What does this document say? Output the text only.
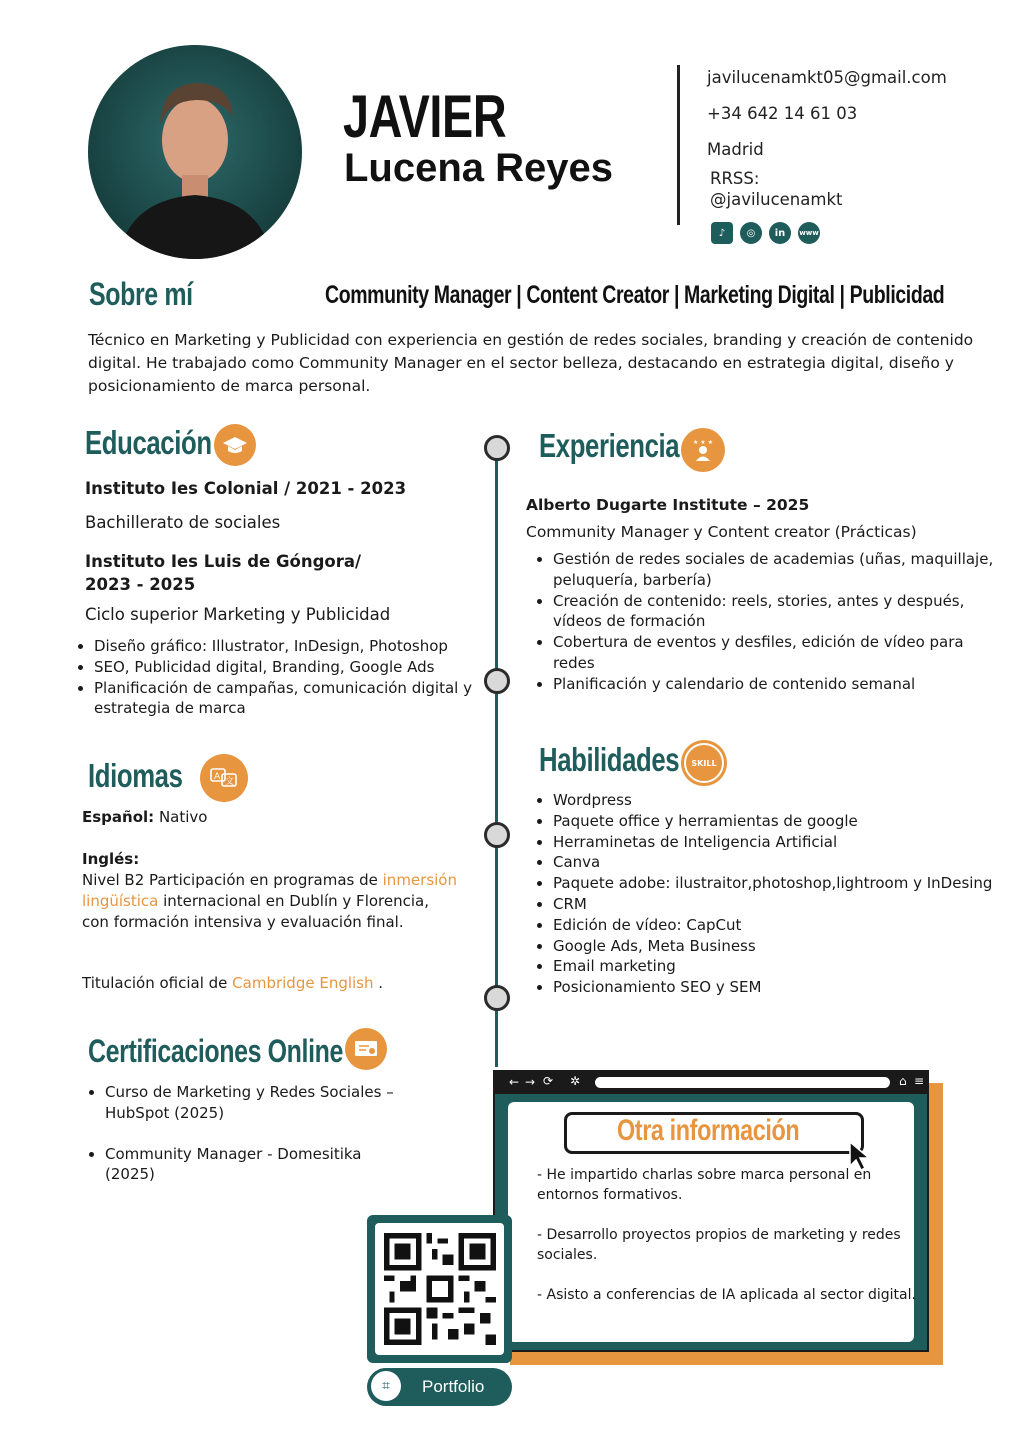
JAVIER
Lucena Reyes
javilucenamkt05@gmail.com
+34 642 14 61 03
Madrid
RRSS:
@javilucenamkt
♪	◎	in	www
Sobre mí	Community Manager | Content Creator | Marketing Digital | Publicidad
Técnico en Marketing y Publicidad con experiencia en gestión de redes sociales, branding y creación de contenido digital. He trabajado como Community Manager en el sector belleza, destacando en estrategia digital, diseño y posicionamiento de marca personal.
Educación
Instituto Ies Colonial / 2021 - 2023
Bachillerato de sociales
Instituto Ies Luis de Góngora/
2023 - 2025
Ciclo superior Marketing y Publicidad
• Diseño gráfico: Illustrator, InDesign, Photoshop
• SEO, Publicidad digital, Branding, Google Ads
• Planificación de campañas, comunicación digital y estrategia de marca
Experiencia ★ ★ ★
Alberto Dugarte Institute – 2025
Community Manager y Content creator (Prácticas)
• Gestión de redes sociales de academias (uñas, maquillaje, peluquería, barbería)
• Creación de contenido: reels, stories, antes y después, vídeos de formación
• Cobertura de eventos y desfiles, edición de vídeo para redes
• Planificación y calendario de contenido semanal
Idiomas	A 文
Español: Nativo
Inglés:
Nivel B2 Participación en programas de inmersión lingüística internacional en Dublín y Florencia, con formación intensiva y evaluación final.
Titulación oficial de Cambridge English .
Habilidades	SKILL
• Wordpress
• Paquete office y herramientas de google
• Herraminetas de Inteligencia Artificial
• Canva
• Paquete adobe: ilustraitor,photoshop,lightroom y InDesing
• CRM
• Edición de vídeo: CapCut
• Google Ads, Meta Business
• Email marketing
• Posicionamiento SEO y SEM
Certificaciones Online
• Curso de Marketing y Redes Sociales – HubSpot (2025)
• Community Manager - Domesitika (2025)
← → ⟳ ✲	⌂ ≡
Otra información
- He impartido charlas sobre marca personal en entornos formativos.
- Desarrollo proyectos propios de marketing y redes sociales.
- Asisto a conferencias de IA aplicada al sector digital.
⌗	Portfolio
